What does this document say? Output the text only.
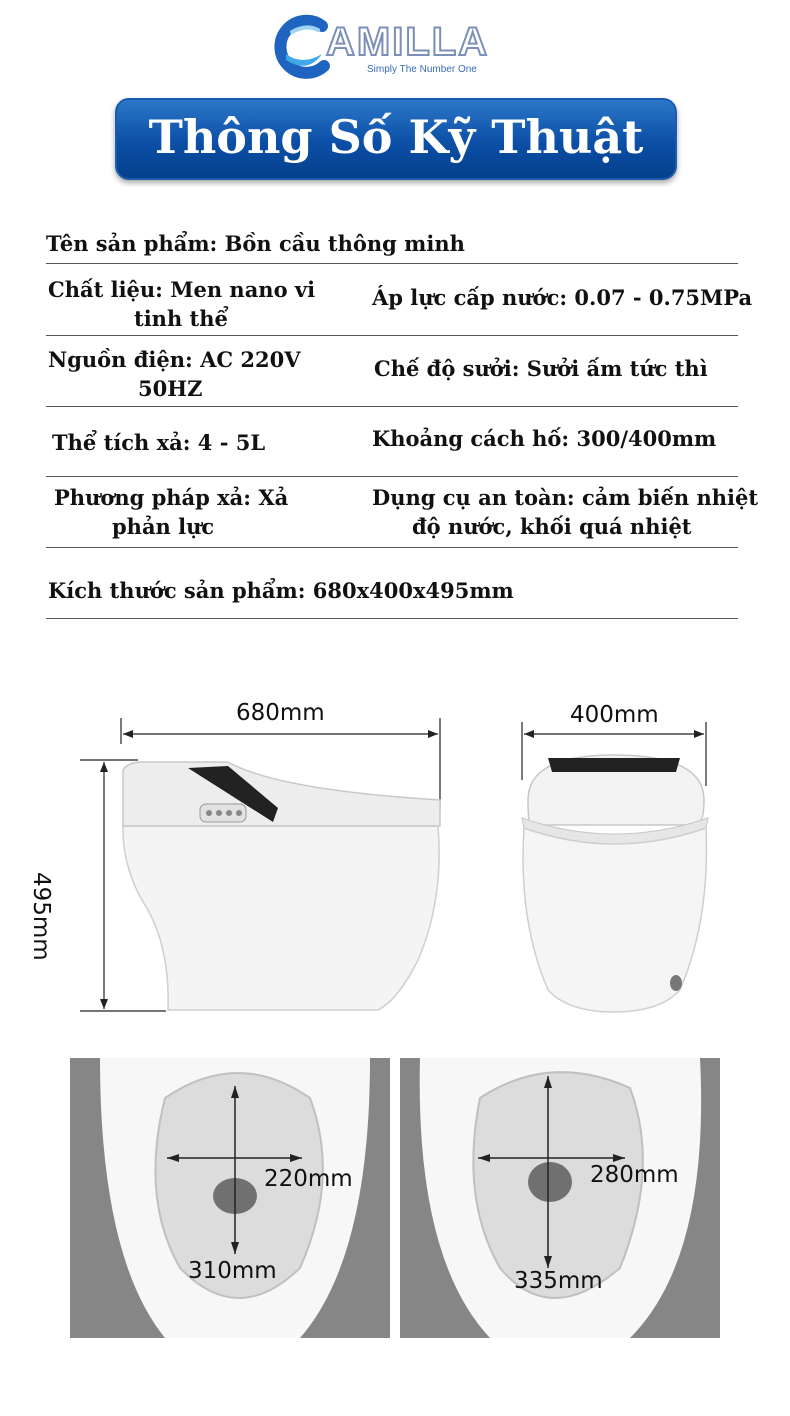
AMILLA
Simply The Number One
Thông Số Kỹ Thuật
Tên sản phẩm: Bồn cầu thông minh
Chất liệu: Men nano vi
tinh thể
Áp lực cấp nước: 0.07 - 0.75MPa
Nguồn điện: AC 220V
50HZ
Chế độ sưởi: Sưởi ấm tức thì
Thể tích xả: 4 - 5L	Khoảng cách hố: 300/400mm
Phương pháp xả: Xả
phản lực
Dụng cụ an toàn: cảm biến nhiệt
độ nước, khối quá nhiệt
Kích thước sản phẩm: 680x400x495mm
680mm
495mm
400mm
220mm
310mm
280mm
335mm
